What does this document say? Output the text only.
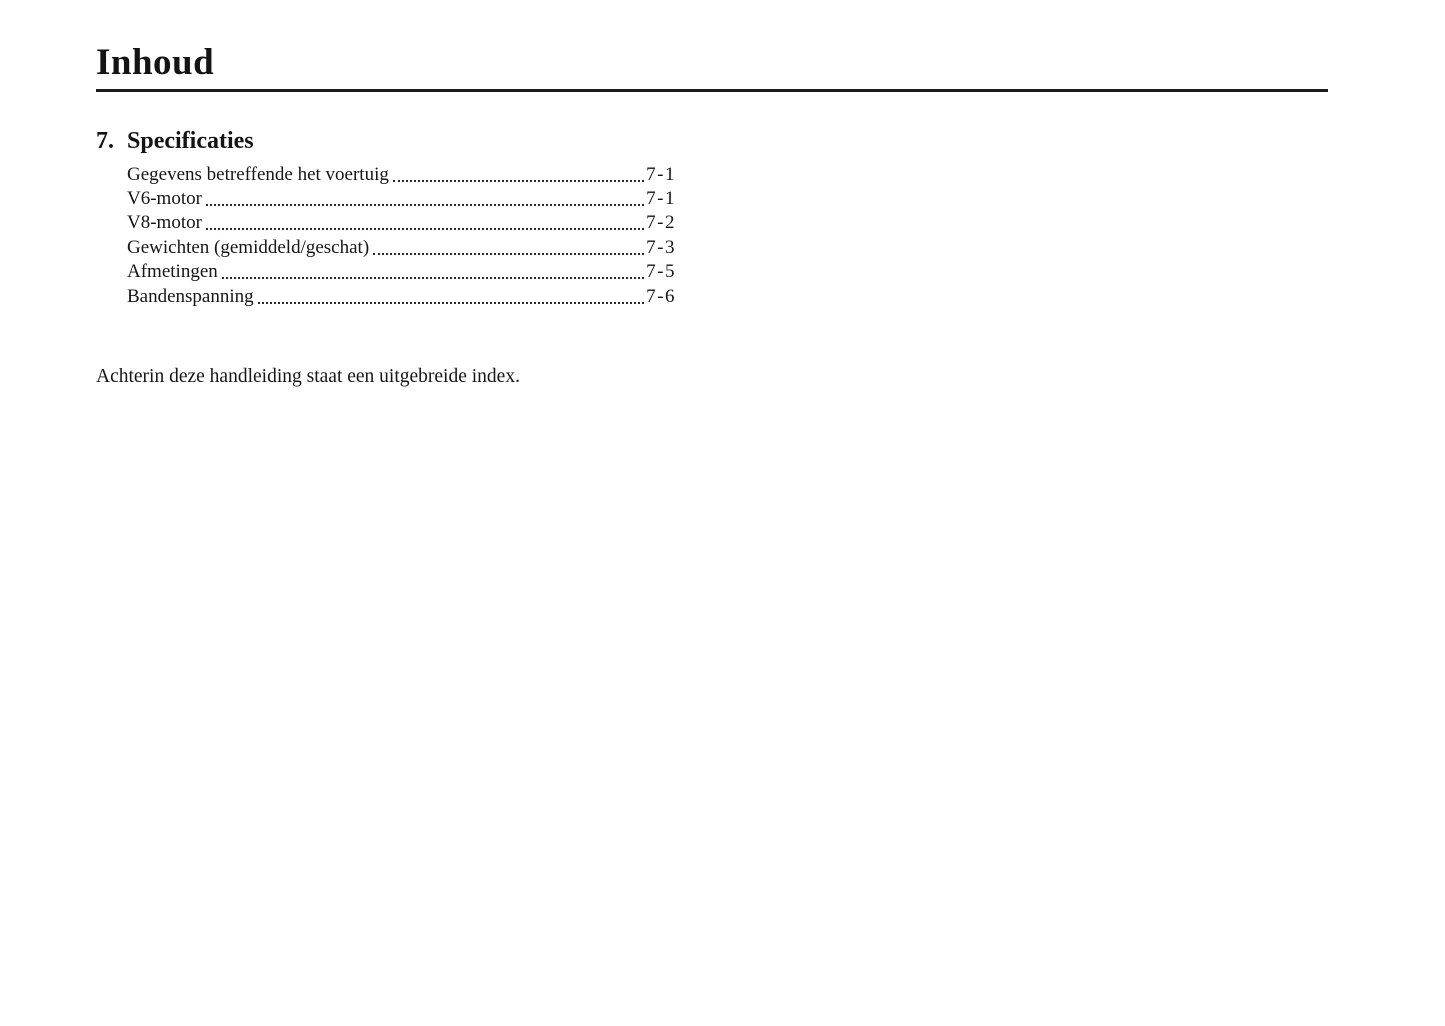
Inhoud
7. Specificaties
Gegevens betreffende het voertuig	7-1
V6-motor	7-1
V8-motor	7-2
Gewichten (gemiddeld/geschat)	7-3
Afmetingen	7-5
Bandenspanning	7-6

Achterin deze handleiding staat een uitgebreide index.
